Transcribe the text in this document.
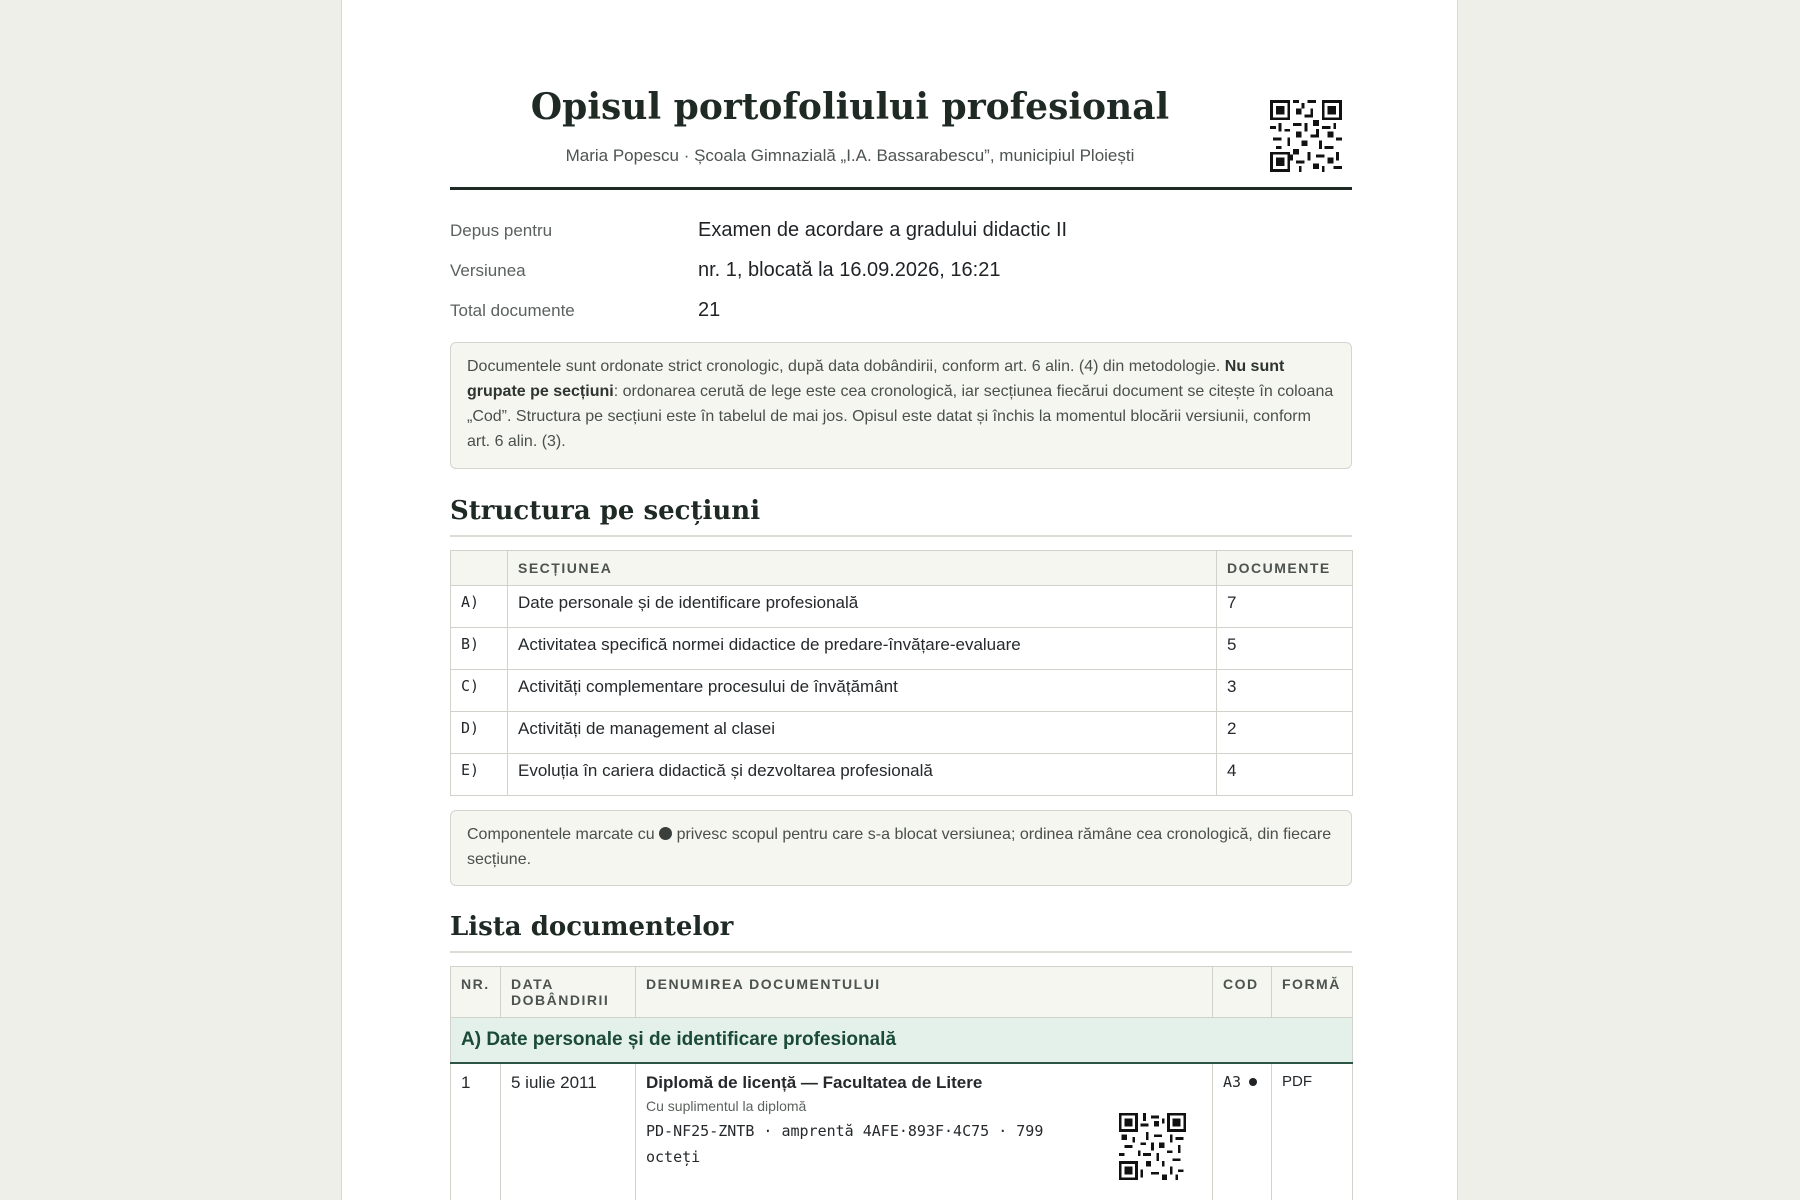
Opisul portofoliului profesional
Maria Popescu · Școala Gimnazială „I.A. Bassarabescu”, municipiul Ploiești
Depus pentru	Examen de acordare a gradului didactic II
Versiunea	nr. 1, blocată la 16.09.2026, 16:21
Total documente	21
Documentele sunt ordonate strict cronologic, după data dobândirii, conform art. 6 alin. (4) din metodologie. Nu sunt grupate pe secțiuni: ordonarea cerută de lege este cea cronologică, iar secțiunea fiecărui document se citește în coloana „Cod”. Structura pe secțiuni este în tabelul de mai jos. Opisul este datat și închis la momentul blocării versiunii, conform art. 6 alin. (3).
Structura pe secțiuni
	SECȚIUNEA	DOCUMENTE
A)	Date personale și de identificare profesională	7
B)	Activitatea specifică normei didactice de predare-învățare-evaluare	5
C)	Activități complementare procesului de învățământ	3
D)	Activități de management al clasei	2
E)	Evoluția în cariera didactică și dezvoltarea profesională	4
Componentele marcate cu privesc scopul pentru care s-a blocat versiunea; ordinea rămâne cea cronologică, din fiecare secțiune.
Lista documentelor
NR.	DATA DOBÂNDIRII	DENUMIREA DOCUMENTULUI	COD	FORMĂ
A) Date personale și de identificare profesională				
1	5 iulie 2011	Diplomă de licență — Facultatea de Litere
Cu suplimentul la diplomă
PD-NF25-ZNTB · amprentă 4AFE·893F·4C75 · 799 octeți	A3	PDF
